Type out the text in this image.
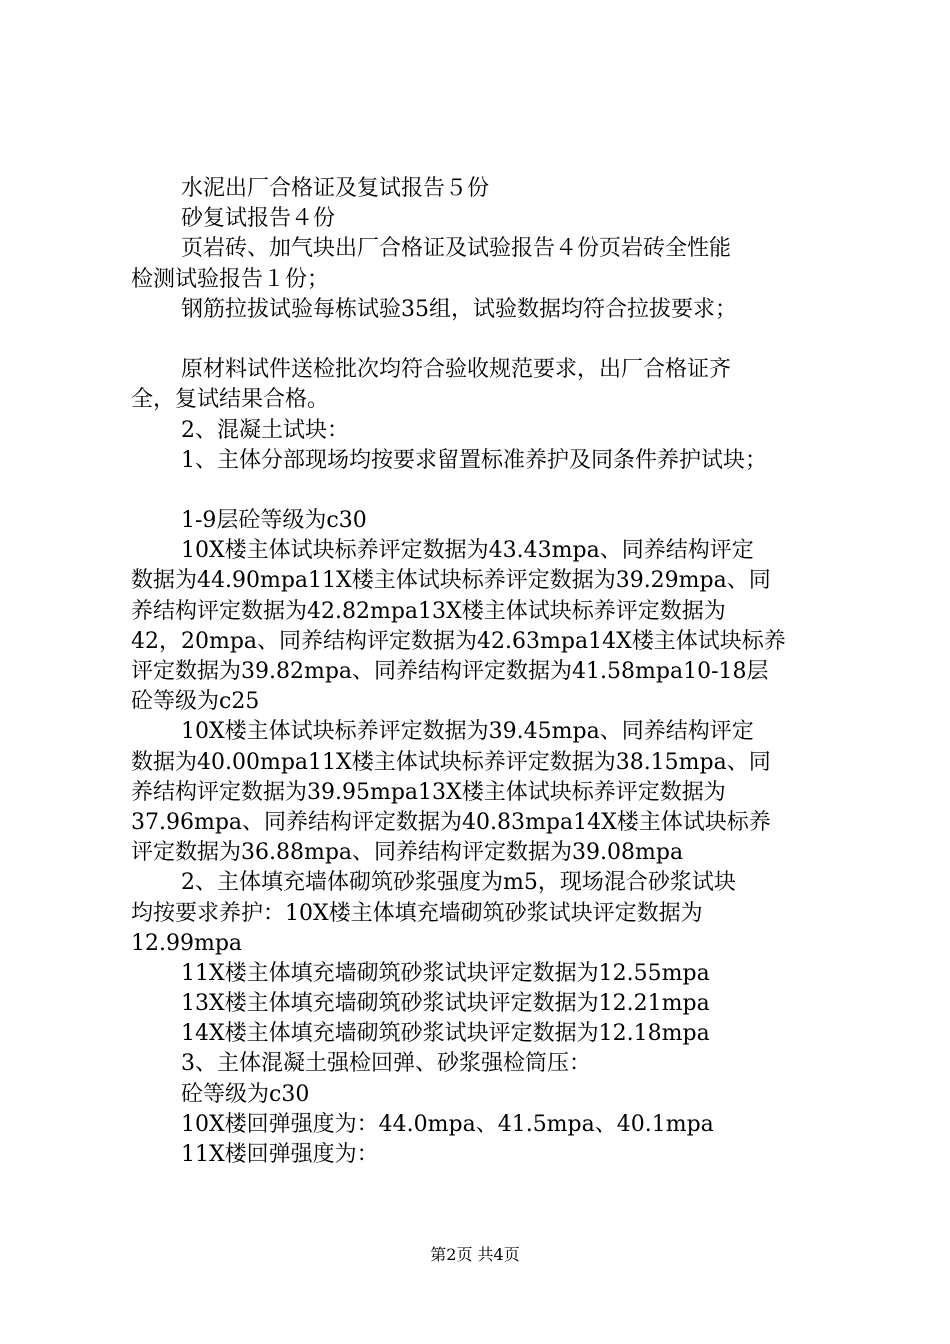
水泥出厂合格证及复试报告５份
砂复试报告４份
页岩砖、加气块出厂合格证及试验报告４份页岩砖全性能
检测试验报告１份；
钢筋拉拔试验每栋试验35组，试验数据均符合拉拔要求；
原材料试件送检批次均符合验收规范要求，出厂合格证齐
全，复试结果合格。
2、混凝土试块：
1、主体分部现场均按要求留置标准养护及同条件养护试块；
1-9层砼等级为c30
10X楼主体试块标养评定数据为43.43mpa、同养结构评定
数据为44.90mpa11X楼主体试块标养评定数据为39.29mpa、同
养结构评定数据为42.82mpa13X楼主体试块标养评定数据为
42，20mpa、同养结构评定数据为42.63mpa14X楼主体试块标养
评定数据为39.82mpa、同养结构评定数据为41.58mpa10-18层
砼等级为c25
10X楼主体试块标养评定数据为39.45mpa、同养结构评定
数据为40.00mpa11X楼主体试块标养评定数据为38.15mpa、同
养结构评定数据为39.95mpa13X楼主体试块标养评定数据为
37.96mpa、同养结构评定数据为40.83mpa14X楼主体试块标养
评定数据为36.88mpa、同养结构评定数据为39.08mpa
2、主体填充墙体砌筑砂浆强度为m5，现场混合砂浆试块
均按要求养护：10X楼主体填充墙砌筑砂浆试块评定数据为
12.99mpa
11X楼主体填充墙砌筑砂浆试块评定数据为12.55mpa
13X楼主体填充墙砌筑砂浆试块评定数据为12.21mpa
14X楼主体填充墙砌筑砂浆试块评定数据为12.18mpa
3、主体混凝土强检回弹、砂浆强检筒压：
砼等级为c30
10X楼回弹强度为：44.0mpa、41.5mpa、40.1mpa
11X楼回弹强度为：
第2页 共4页
